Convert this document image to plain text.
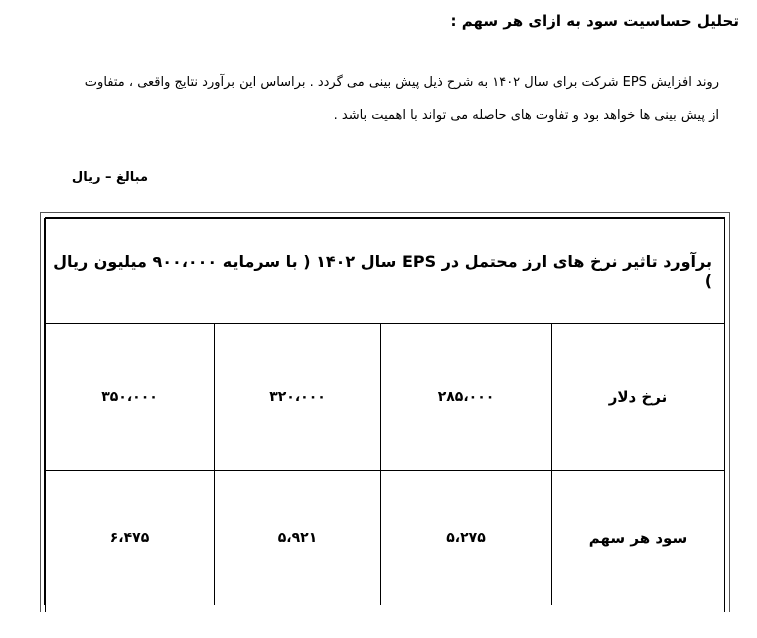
تحلیل حساسیت سود به ازای هر سهم :

روند افزایش EPS شرکت برای سال ۱۴۰۲ به شرح ذیل پیش بینی می گردد . براساس این برآورد نتایج واقعی ، متفاوت
از پیش بینی ها خواهد بود و تفاوت های حاصله می تواند با اهمیت باشد .

مبالغ – ریال
برآورد تاثیر نرخ های ارز محتمل در EPS سال ۱۴۰۲ ( با سرمایه ۹۰۰،۰۰۰ میلیون ریال )			
نرخ دلار	۲۸۵،۰۰۰	۳۲۰،۰۰۰	۳۵۰،۰۰۰
سود هر سهم	۵،۲۷۵	۵،۹۲۱	۶،۴۷۵
